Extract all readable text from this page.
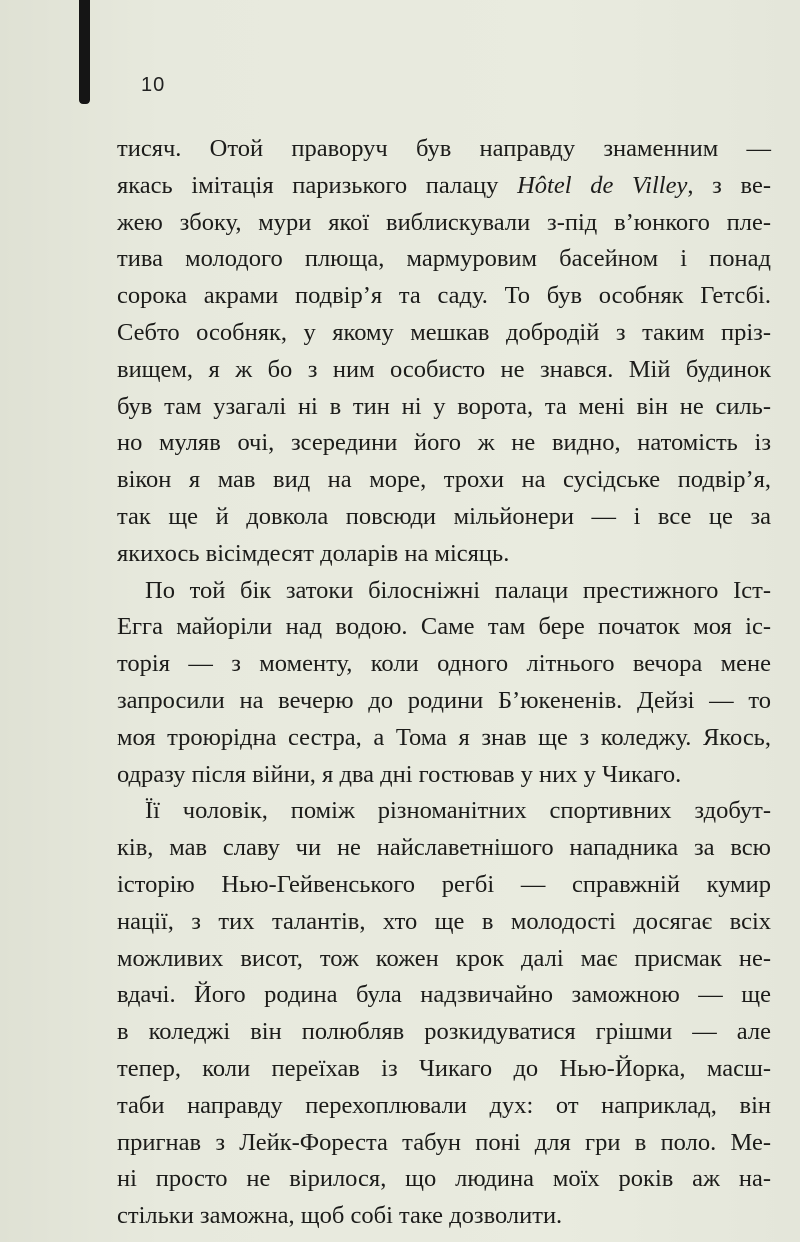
10
тисяч. Отой праворуч був направду знаменним —
якась імітація паризького палацу Hôtel de Villey, з ве-
жею збоку, мури якої виблискували з-під в’юнкого пле-
тива молодого плюща, мармуровим басейном і понад
сорока акрами подвір’я та саду. То був особняк Гетсбі.
Себто особняк, у якому мешкав добродій з таким пріз-
вищем, я ж бо з ним особисто не знався. Мій будинок
був там узагалі ні в тин ні у ворота, та мені він не силь-
но муляв очі, зсередини його ж не видно, натомість із
вікон я мав вид на море, трохи на сусідське подвір’я,
так ще й довкола повсюди мільйонери — і все це за
якихось вісімдесят доларів на місяць.
По той бік затоки білосніжні палаци престижного Іст-
Егга майоріли над водою. Саме там бере початок моя іс-
торія — з моменту, коли одного літнього вечора мене
запросили на вечерю до родини Б’юкененів. Дейзі — то
моя троюрідна сестра, а Тома я знав ще з коледжу. Якось,
одразу після війни, я два дні гостював у них у Чикаго.
Її чоловік, поміж різноманітних спортивних здобут-
ків, мав славу чи не найславетнішого нападника за всю
історію Нью-Гейвенського регбі — справжній кумир
нації, з тих талантів, хто ще в молодості досягає всіх
можливих висот, тож кожен крок далі має присмак не-
вдачі. Його родина була надзвичайно заможною — ще
в коледжі він полюбляв розкидуватися грішми — але
тепер, коли переїхав із Чикаго до Нью-Йорка, масш-
таби направду перехоплювали дух: от наприклад, він
пригнав з Лейк-Фореста табун поні для гри в поло. Ме-
ні просто не вірилося, що людина моїх років аж на-
стільки заможна, щоб собі таке дозволити.
